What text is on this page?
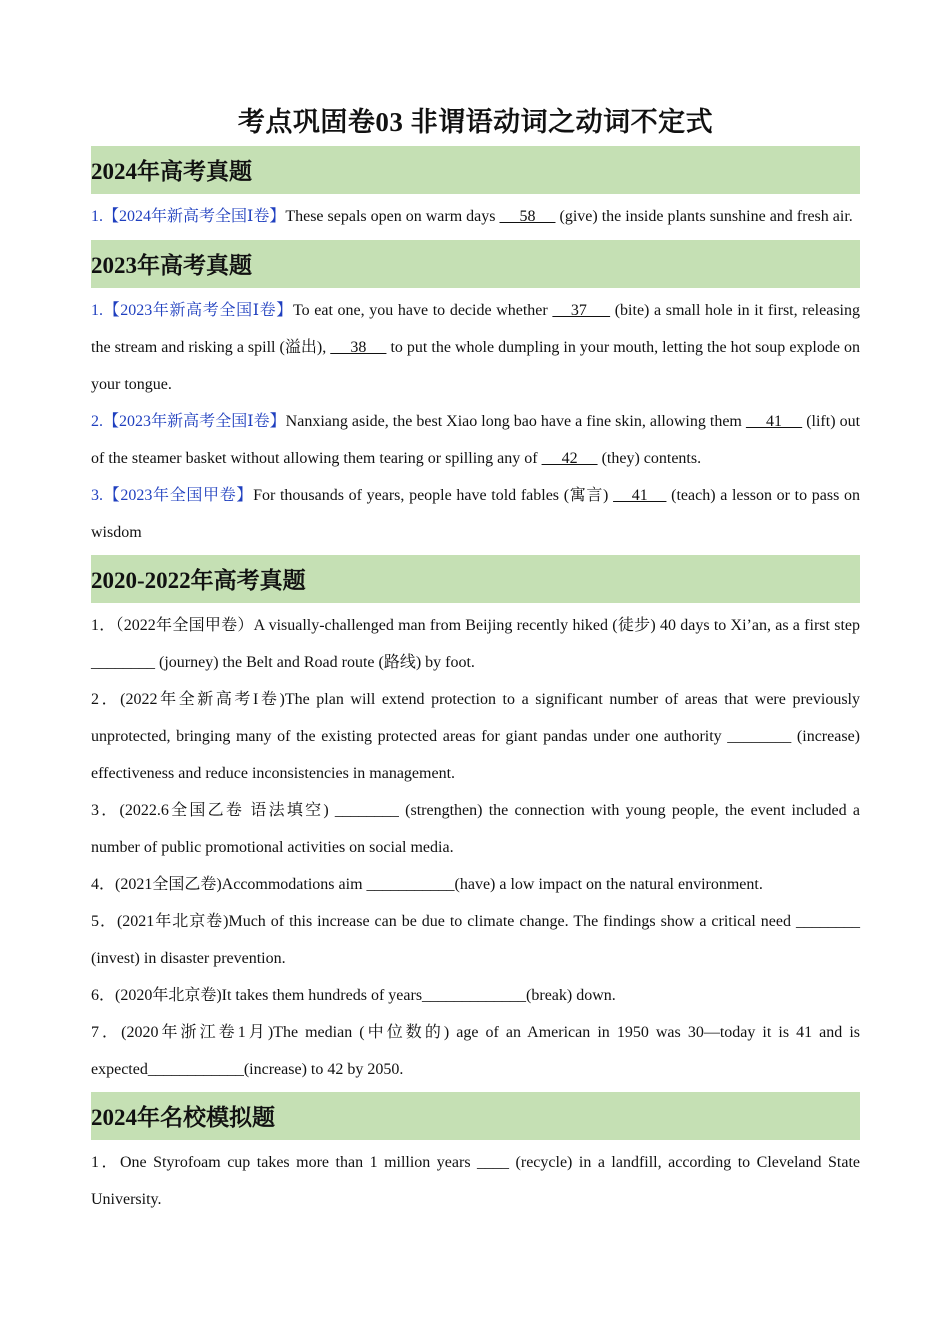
考点巩固卷03 非谓语动词之动词不定式
2024年高考真题

1.【2024年新高考全国Ⅰ卷】These sepals open on warm days      58      (give) the inside plants sunshine and fresh air.

2023年高考真题

1.【2023年新高考全国Ⅰ卷】To eat one, you have to decide whether     37      (bite) a small hole in it first, releasing the stream and risking a spill (溢出),      38      to put the whole dumpling in your mouth, letting the hot soup explode on your tongue.

2.【2023年新高考全国Ⅰ卷】Nanxiang aside, the best Xiao long bao have a fine skin, allowing them      41      (lift) out of the steamer basket without allowing them tearing or spilling any of      42      (they) contents.

3.【2023年全国甲卷】For thousands of years, people have told fables (寓言)     41     (teach) a lesson or to pass on wisdom

2020-2022年高考真题

1．（2022年全国甲卷）A visually-challenged man from Beijing recently hiked (徒步) 40 days to Xi’an, as a first step ________ (journey) the Belt and Road route (路线) by foot.

2．(2022年全新高考I卷)The plan will extend protection to a significant number of areas that were previously unprotected, bringing many of the existing protected areas for giant pandas under one authority ________ (increase) effectiveness and reduce inconsistencies in management.

3．(2022.6全国乙卷 语法填空) ________ (strengthen) the connection with young people, the event included a number of public promotional activities on social media.

4．(2021全国乙卷)Accommodations aim ___________(have) a low impact on the natural environment.

5．(2021年北京卷)Much of this increase can be due to climate change. The findings show a critical need ________ (invest) in disaster prevention.

6．(2020年北京卷)It takes them hundreds of years_____________(break) down.

7．(2020年浙江卷1月)The median (中位数的) age of an American in 1950 was 30—today it is 41 and is expected____________(increase) to 42 by 2050.

2024年名校模拟题

1．One Styrofoam cup takes more than 1 million years ____ (recycle) in a landfill, according to Cleveland State University.
